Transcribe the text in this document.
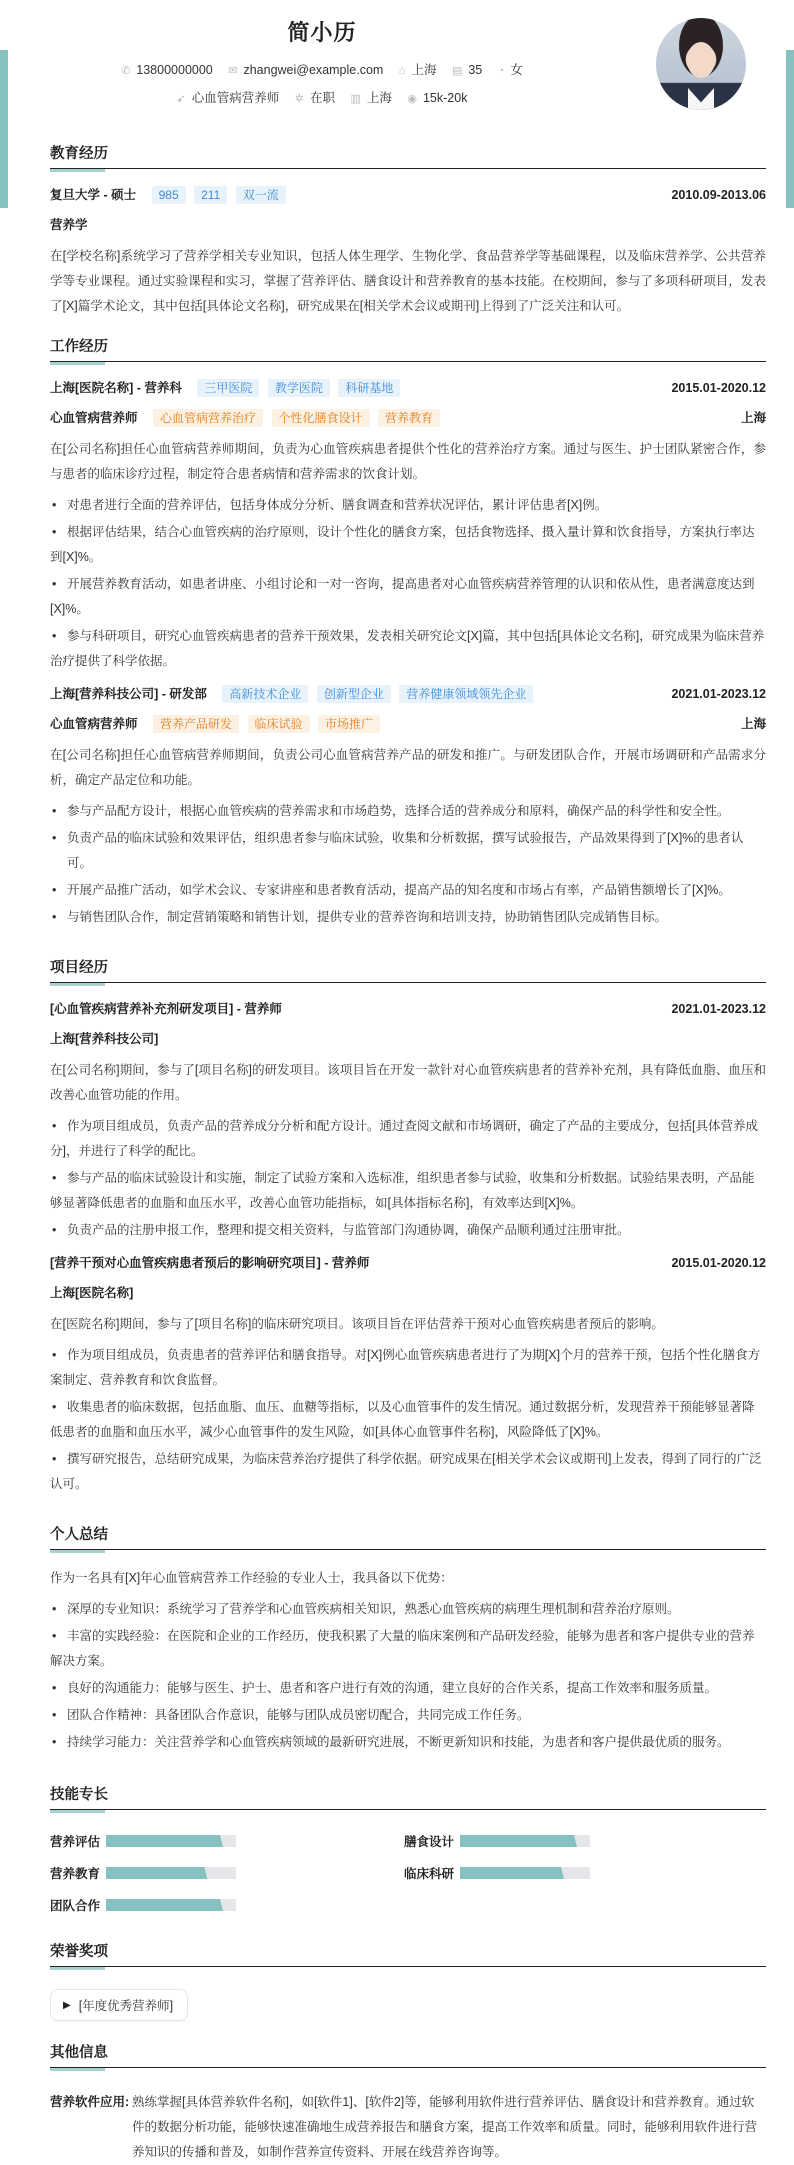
简小历
✆ 13800000000 ✉ zhangwei@example.com ⌂ 上海 ▤ 35 ◔ 女
➹ 心血管病营养师 ✲ 在职 ▥ 上海 ◉ 15k-20k
教育经历
复旦大学 - 硕士 985 211 双一流	2010.09-2013.06
营养学

在[学校名称]系统学习了营养学相关专业知识，包括人体生理学、生物化学、食品营养学等基础课程，以及临床营养学、公共营养学等专业课程。通过实验课程和实习，掌握了营养评估、膳食设计和营养教育的基本技能。在校期间，参与了多项科研项目，发表了[X]篇学术论文，其中包括[具体论文名称]，研究成果在[相关学术会议或期刊]上得到了广泛关注和认可。

工作经历
上海[医院名称] - 营养科 三甲医院 教学医院 科研基地	2015.01-2020.12
心血管病营养师 心血管病营养治疗 个性化膳食设计 营养教育	上海

在[公司名称]担任心血管病营养师期间，负责为心血管疾病患者提供个性化的营养治疗方案。通过与医生、护士团队紧密合作，参与患者的临床诊疗过程，制定符合患者病情和营养需求的饮食计划。

• 对患者进行全面的营养评估，包括身体成分分析、膳食调查和营养状况评估，累计评估患者[X]例。
• 根据评估结果，结合心血管疾病的治疗原则，设计个性化的膳食方案，包括食物选择、摄入量计算和饮食指导，方案执行率达到[X]%。
• 开展营养教育活动，如患者讲座、小组讨论和一对一咨询，提高患者对心血管疾病营养管理的认识和依从性，患者满意度达到[X]%。
• 参与科研项目，研究心血管疾病患者的营养干预效果，发表相关研究论文[X]篇，其中包括[具体论文名称]，研究成果为临床营养治疗提供了科学依据。
上海[营养科技公司] - 研发部 高新技术企业 创新型企业 营养健康领域领先企业	2021.01-2023.12
心血管病营养师 营养产品研发 临床试验 市场推广	上海

在[公司名称]担任心血管病营养师期间，负责公司心血管病营养产品的研发和推广。与研发团队合作，开展市场调研和产品需求分析，确定产品定位和功能。

• 参与产品配方设计，根据心血管疾病的营养需求和市场趋势，选择合适的营养成分和原料，确保产品的科学性和安全性。
• 负责产品的临床试验和效果评估，组织患者参与临床试验，收集和分析数据，撰写试验报告，产品效果得到了[X]%的患者认可。
• 开展产品推广活动，如学术会议、专家讲座和患者教育活动，提高产品的知名度和市场占有率，产品销售额增长了[X]%。
• 与销售团队合作，制定营销策略和销售计划，提供专业的营养咨询和培训支持，协助销售团队完成销售目标。
项目经历
[心血管疾病营养补充剂研发项目] - 营养师	2021.01-2023.12
上海[营养科技公司]

在[公司名称]期间，参与了[项目名称]的研发项目。该项目旨在开发一款针对心血管疾病患者的营养补充剂，具有降低血脂、血压和改善心血管功能的作用。

• 作为项目组成员，负责产品的营养成分分析和配方设计。通过查阅文献和市场调研，确定了产品的主要成分，包括[具体营养成分]，并进行了科学的配比。
• 参与产品的临床试验设计和实施，制定了试验方案和入选标准，组织患者参与试验，收集和分析数据。试验结果表明，产品能够显著降低患者的血脂和血压水平，改善心血管功能指标，如[具体指标名称]，有效率达到[X]%。
• 负责产品的注册申报工作，整理和提交相关资料，与监管部门沟通协调，确保产品顺利通过注册审批。
[营养干预对心血管疾病患者预后的影响研究项目] - 营养师	2015.01-2020.12
上海[医院名称]

在[医院名称]期间，参与了[项目名称]的临床研究项目。该项目旨在评估营养干预对心血管疾病患者预后的影响。

• 作为项目组成员，负责患者的营养评估和膳食指导。对[X]例心血管疾病患者进行了为期[X]个月的营养干预，包括个性化膳食方案制定、营养教育和饮食监督。
• 收集患者的临床数据，包括血脂、血压、血糖等指标，以及心血管事件的发生情况。通过数据分析，发现营养干预能够显著降低患者的血脂和血压水平，减少心血管事件的发生风险，如[具体心血管事件名称]，风险降低了[X]%。
• 撰写研究报告，总结研究成果，为临床营养治疗提供了科学依据。研究成果在[相关学术会议或期刊]上发表，得到了同行的广泛认可。
个人总结

作为一名具有[X]年心血管病营养工作经验的专业人士，我具备以下优势：

• 深厚的专业知识：系统学习了营养学和心血管疾病相关知识，熟悉心血管疾病的病理生理机制和营养治疗原则。
• 丰富的实践经验：在医院和企业的工作经历，使我积累了大量的临床案例和产品研发经验，能够为患者和客户提供专业的营养解决方案。
• 良好的沟通能力：能够与医生、护士、患者和客户进行有效的沟通，建立良好的合作关系，提高工作效率和服务质量。
• 团队合作精神：具备团队合作意识，能够与团队成员密切配合，共同完成工作任务。
• 持续学习能力：关注营养学和心血管疾病领域的最新研究进展，不断更新知识和技能，为患者和客户提供最优质的服务。
技能专长
营养评估	膳食设计
营养教育	临床科研
团队合作
荣誉奖项
▶ [年度优秀营养师]
其他信息
营养软件应用: 熟练掌握[具体营养软件名称]，如[软件1]、[软件2]等，能够利用软件进行营养评估、膳食设计和营养教育。通过软件的数据分析功能，能够快速准确地生成营养报告和膳食方案，提高工作效率和质量。同时，能够利用软件进行营养知识的传播和普及，如制作营养宣传资料、开展在线营养咨询等。
